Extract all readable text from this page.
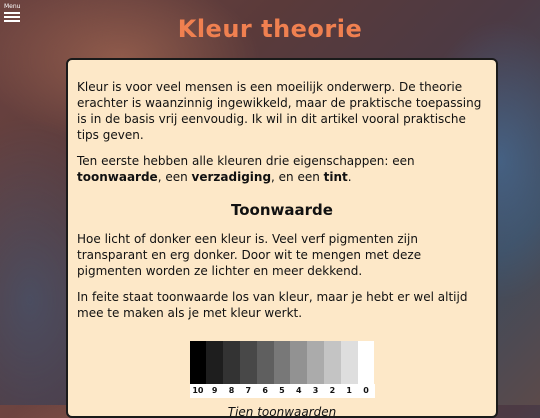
Menu
Kleur theorie

Kleur is voor veel mensen is een moeilijk onderwerp. De theorie erachter is waanzinnig ingewikkeld, maar de praktische toepassing is in de basis vrij eenvoudig. Ik wil in dit artikel vooral praktische tips geven.

Ten eerste hebben alle kleuren drie eigenschappen: een toonwaarde, een verzadiging, en een tint.

Toonwaarde

Hoe licht of donker een kleur is. Veel verf pigmenten zijn transparant en erg donker. Door wit te mengen met deze pigmenten worden ze lichter en meer dekkend.

In feite staat toonwaarde los van kleur, maar je hebt er wel altijd mee te maken als je met kleur werkt.

10	9	8	7	6	5	4	3	2	1	0
Tien toonwaarden
